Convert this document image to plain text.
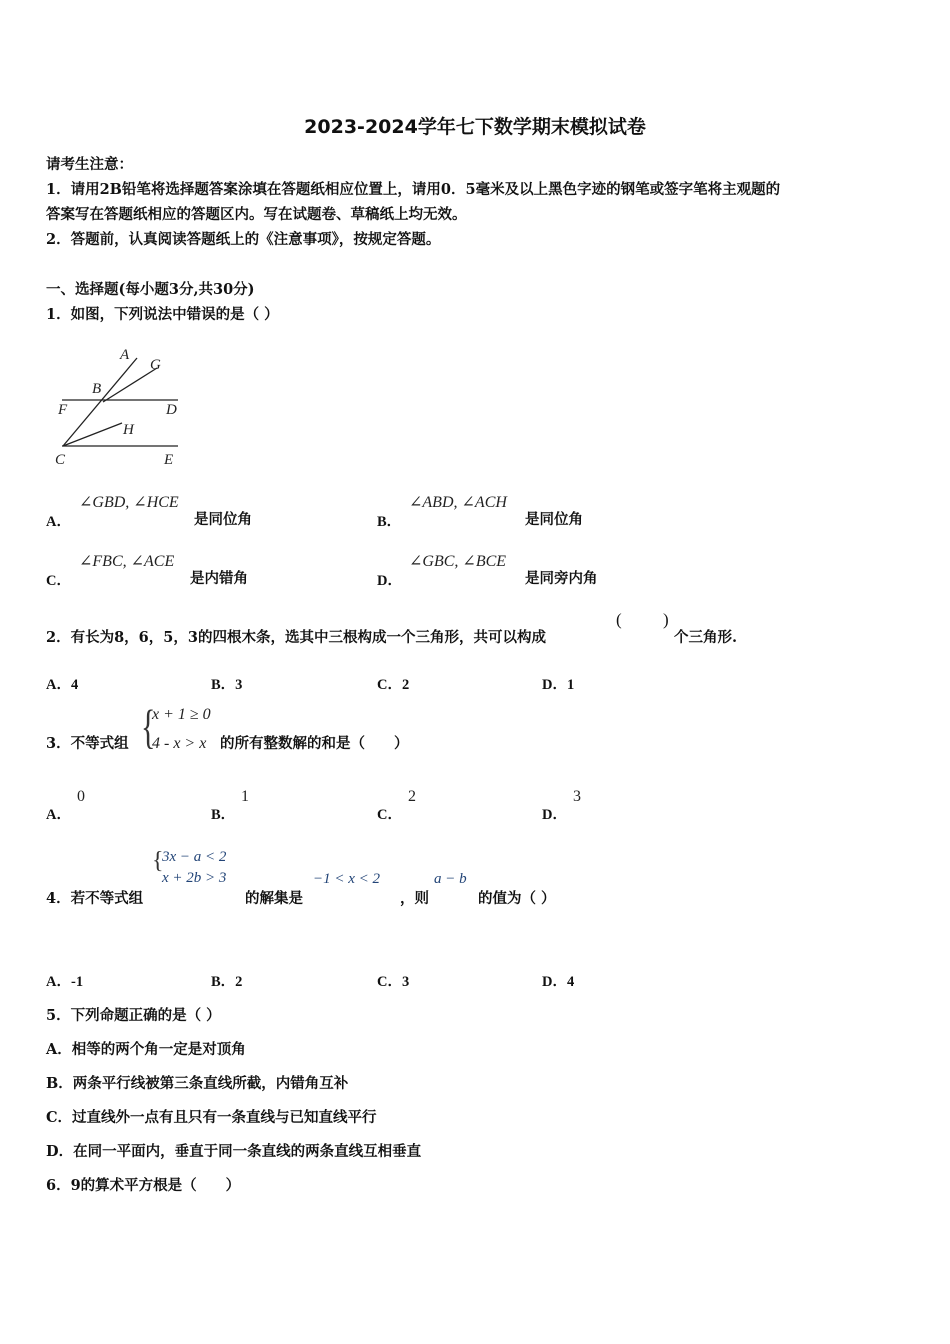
2023-2024学年七下数学期末模拟试卷
请考生注意：
1．请用2B铅笔将选择题答案涂填在答题纸相应位置上，请用0．5毫米及以上黑色字迹的钢笔或签字笔将主观题的
答案写在答题纸相应的答题区内。写在试题卷、草稿纸上均无效。
2．答题前，认真阅读答题纸上的《注意事项》，按规定答题。
一、选择题(每小题3分,共30分)
1．如图，下列说法中错误的是（ ）
A
G
B
F	D
H
C	E
A．
∠GBD, ∠HCE
是同位角	B．
∠ABD, ∠ACH
是同位角
C．
∠FBC, ∠ACE
是内错角	D．
∠GBC, ∠BCE
是同旁内角
2．有长为8，6，5，3的四根木条，选其中三根构成一个三角形，共可以构成
( )
个三角形.
A．4	B．3	C．2	D．1
3．不等式组 {
x + 1 ≥ 0
4 - x > x 的所有整数解的和是（　　）
A．
0
B．
1
C．
2
D．
3
4．若不等式组
{
3x − a < 2
x + 2b > 3
的解集是
−1 < x < 2
，则
a − b
的值为（ ）
A．-1	B．2	C．3	D．4
5．下列命题正确的是（ ）
A．相等的两个角一定是对顶角
B．两条平行线被第三条直线所截，内错角互补
C．过直线外一点有且只有一条直线与已知直线平行
D．在同一平面内，垂直于同一条直线的两条直线互相垂直
6．9的算术平方根是（　　）
